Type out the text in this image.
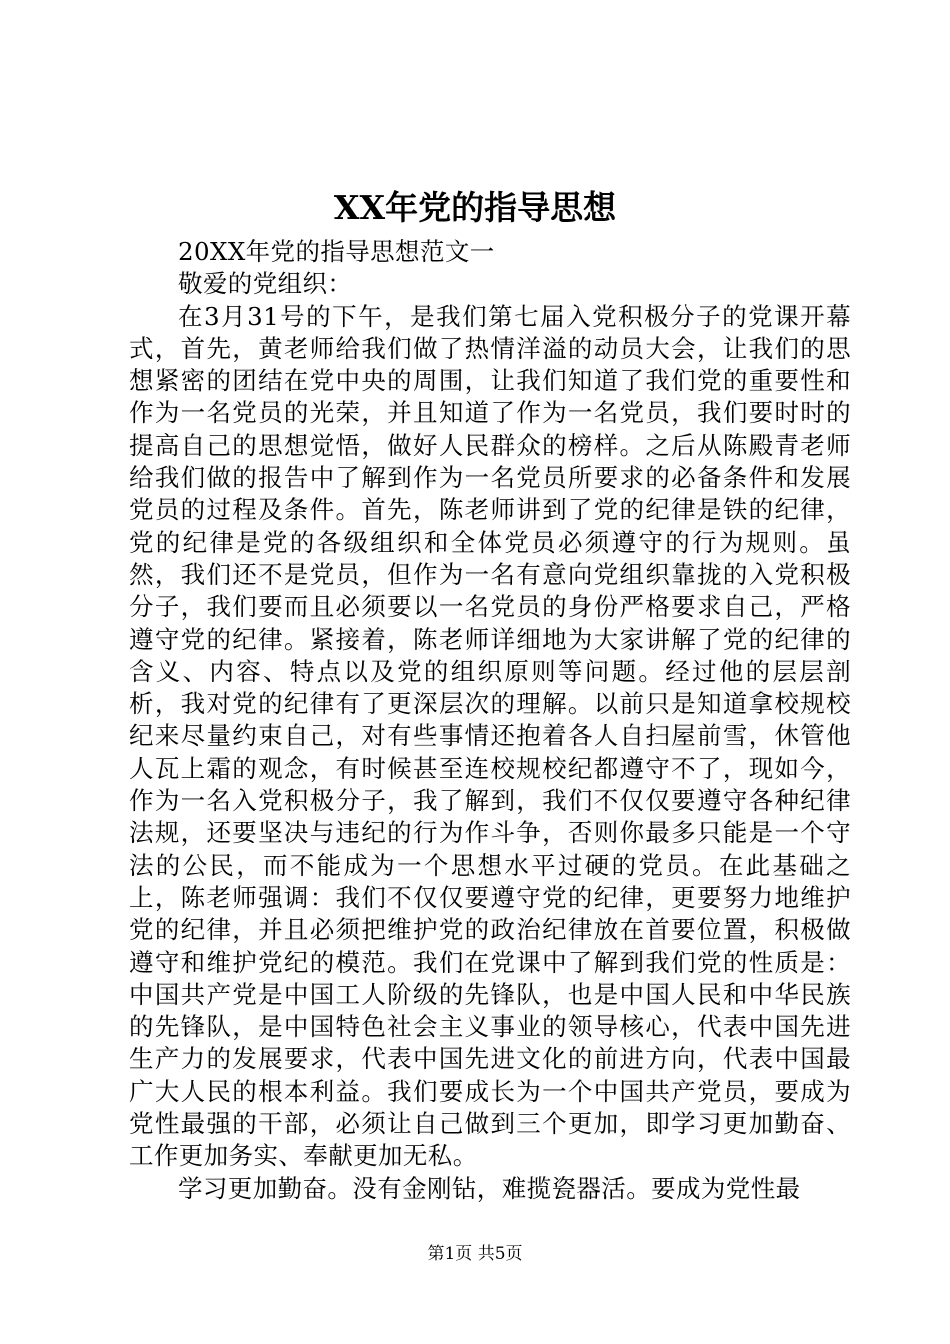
XX年党的指导思想

20XX年党的指导思想范文一

敬爱的党组织：

在3月31号的下午，是我们第七届入党积极分子的党课开幕式，首先，黄老师给我们做了热情洋溢的动员大会，让我们的思想紧密的团结在党中央的周围，让我们知道了我们党的重要性和作为一名党员的光荣，并且知道了作为一名党员，我们要时时的提高自己的思想觉悟，做好人民群众的榜样。之后从陈殿青老师给我们做的报告中了解到作为一名党员所要求的必备条件和发展党员的过程及条件。首先，陈老师讲到了党的纪律是铁的纪律，党的纪律是党的各级组织和全体党员必须遵守的行为规则。虽然，我们还不是党员，但作为一名有意向党组织靠拢的入党积极分子，我们要而且必须要以一名党员的身份严格要求自己，严格遵守党的纪律。紧接着，陈老师详细地为大家讲解了党的纪律的含义、内容、特点以及党的组织原则等问题。经过他的层层剖析，我对党的纪律有了更深层次的理解。以前只是知道拿校规校纪来尽量约束自己，对有些事情还抱着各人自扫屋前雪，休管他人瓦上霜的观念，有时候甚至连校规校纪都遵守不了，现如今，作为一名入党积极分子，我了解到，我们不仅仅要遵守各种纪律法规，还要坚决与违纪的行为作斗争，否则你最多只能是一个守法的公民，而不能成为一个思想水平过硬的党员。在此基础之上，陈老师强调：我们不仅仅要遵守党的纪律，更要努力地维护党的纪律，并且必须把维护党的政治纪律放在首要位置，积极做遵守和维护党纪的模范。我们在党课中了解到我们党的性质是：中国共产党是中国工人阶级的先锋队，也是中国人民和中华民族的先锋队，是中国特色社会主义事业的领导核心，代表中国先进生产力的发展要求，代表中国先进文化的前进方向，代表中国最广大人民的根本利益。我们要成长为一个中国共产党员，要成为党性最强的干部，必须让自己做到三个更加，即学习更加勤奋、工作更加务实、奉献更加无私。

学习更加勤奋。没有金刚钻，难揽瓷器活。要成为党性最

第1页 共5页
